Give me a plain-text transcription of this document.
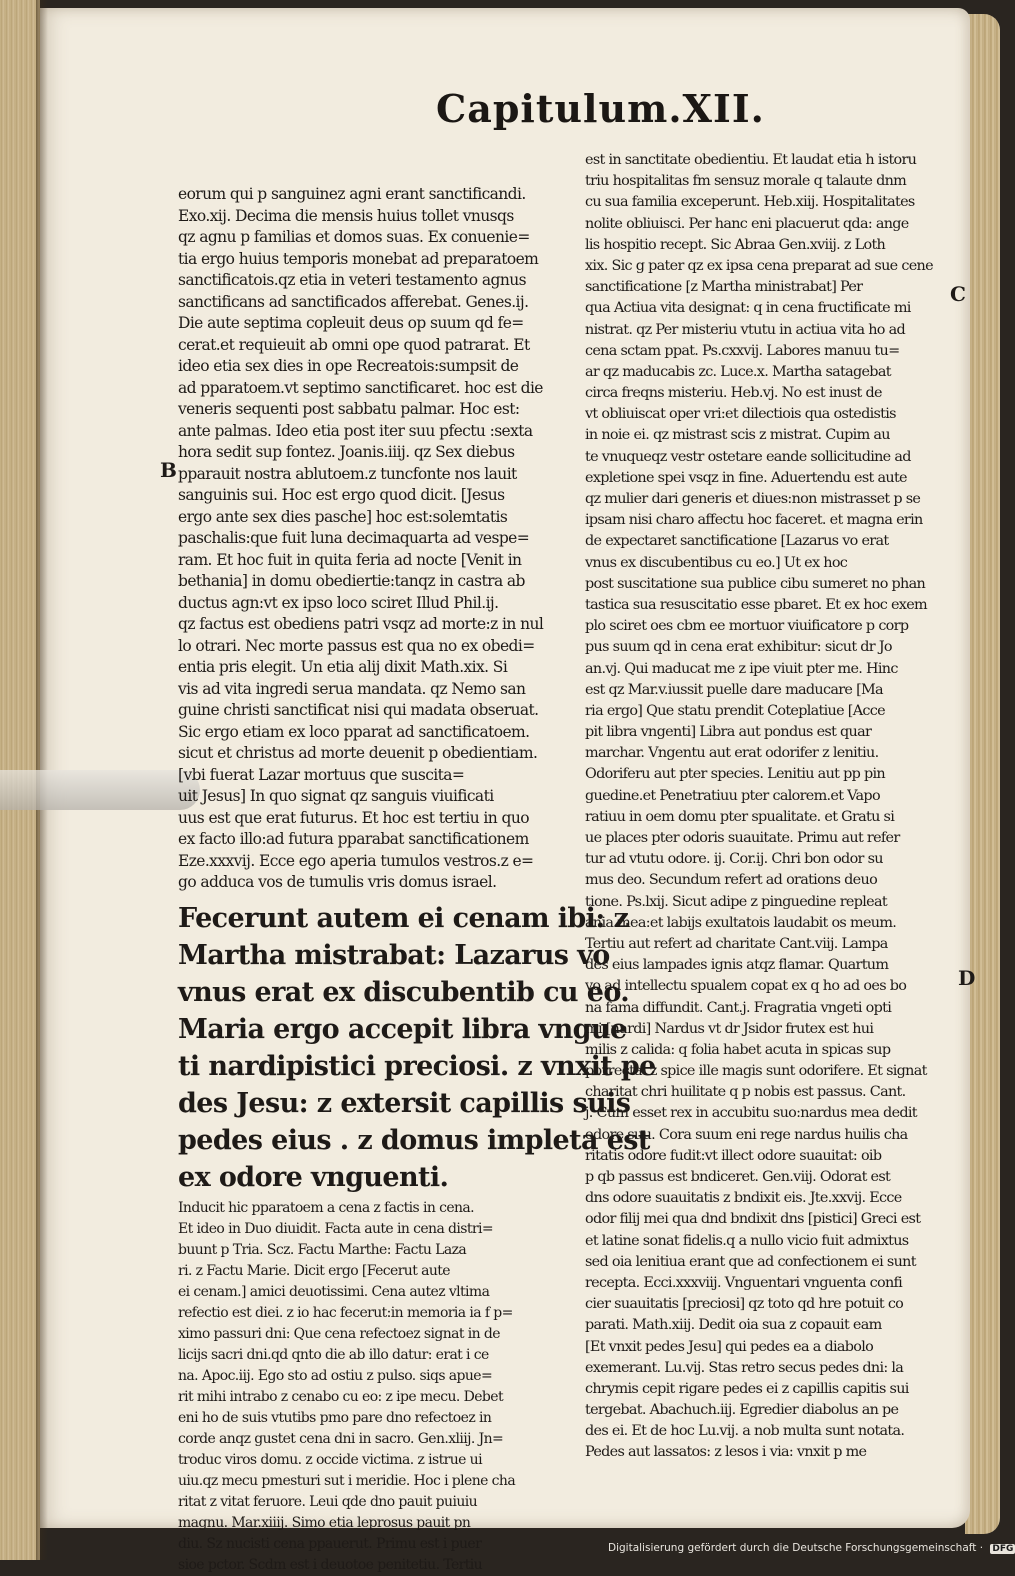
Capitulum.XII.
B
C
D
eorum qui p sanguinez agni erant sanctificandi.
Exo.xij. Decima die mensis huius tollet vnusqs
qz agnu p familias et domos suas. Ex conuenie=
tia ergo huius temporis monebat ad preparatoem
sanctificatois.qz etia in veteri testamento agnus
sanctificans ad sanctificados afferebat. Genes.ij.
Die aute septima copleuit deus op suum qd fe=
cerat.et requieuit ab omni ope quod patrarat. Et
ideo etia sex dies in ope Recreatois:sumpsit de
ad pparatoem.vt septimo sanctificaret. hoc est die
veneris sequenti post sabbatu palmar. Hoc est:
ante palmas. Ideo etia post iter suu pfectu :sexta
hora sedit sup fontez. Joanis.iiij. qz Sex diebus
pparauit nostra ablutoem.z tuncfonte nos lauit
sanguinis sui. Hoc est ergo quod dicit. [Jesus
ergo ante sex dies pasche] hoc est:solemtatis
paschalis:que fuit luna decimaquarta ad vespe=
ram. Et hoc fuit in quita feria ad nocte [Venit in
bethania] in domu obediertie:tanqz in castra ab
ductus agn:vt ex ipso loco sciret Illud Phil.ij.
qz factus est obediens patri vsqz ad morte:z in nul
lo otrari. Nec morte passus est qua no ex obedi=
entia pris elegit. Un etia alij dixit Math.xix. Si
vis ad vita ingredi serua mandata. qz Nemo san
guine christi sanctificat nisi qui madata obseruat.
Sic ergo etiam ex loco pparat ad sanctificatoem.
sicut et christus ad morte deuenit p obedientiam.
[vbi fuerat Lazar mortuus que suscita=
uit Jesus] In quo signat qz sanguis viuificati
uus est que erat futurus. Et hoc est tertiu in quo
ex facto illo:ad futura pparabat sanctificationem
Eze.xxxvij. Ecce ego aperia tumulos vestros.z e=
go adduca vos de tumulis vris domus israel.
Fecerunt autem ei cenam ibi: z
Martha mistrabat: Lazarus vo
vnus erat ex discubentib cu eo.
Maria ergo accepit libra vngue
ti nardipistici preciosi. z vnxit pe
des Jesu: z extersit capillis suis
pedes eius . z domus impleta est
ex odore vnguenti.
Inducit hic pparatoem a cena z factis in cena.
Et ideo in Duo diuidit. Facta aute in cena distri=
buunt p Tria. Scz. Factu Marthe: Factu Laza
ri. z Factu Marie. Dicit ergo [Fecerut aute
ei cenam.] amici deuotissimi. Cena autez vltima
refectio est diei. z io hac fecerut:in memoria ia f p=
ximo passuri dni: Que cena refectoez signat in de
licijs sacri dni.qd qnto die ab illo datur: erat i ce
na. Apoc.iij. Ego sto ad ostiu z pulso. siqs apue=
rit mihi intrabo z cenabo cu eo: z ipe mecu. Debet
eni ho de suis vtutibs pmo pare dno refectoez in
corde anqz gustet cena dni in sacro. Gen.xliij. Jn=
troduc viros domu. z occide victima. z istrue ui
uiu.qz mecu pmesturi sut i meridie. Hoc i plene cha
ritat z vitat feruore. Leui qde dno pauit puiuiu
magnu. Mar.xiiij. Simo etia leprosus pauit pn
diu. Sz nucisti cena ppauerut. Primu est i puer
sioe pctor. Scdm est i deuotoe penitetiu. Tertiu
est in sanctitate obedientiu. Et laudat etia h istoru
triu hospitalitas fm sensuz morale q talaute dnm
cu sua familia exceperunt. Heb.xiij. Hospitalitates
nolite obliuisci. Per hanc eni placuerut qda: ange
lis hospitio recept. Sic Abraa Gen.xviij. z Loth
xix. Sic g pater qz ex ipsa cena preparat ad sue cene
sanctificatione [z Martha ministrabat] Per
qua Actiua vita designat: q in cena fructificate mi
nistrat. qz Per misteriu vtutu in actiua vita ho ad
cena sctam ppat. Ps.cxxvij. Labores manuu tu=
ar qz maducabis zc. Luce.x. Martha satagebat
circa freqns misteriu. Heb.vj. No est inust de
vt obliuiscat oper vri:et dilectiois qua ostedistis
in noie ei. qz mistrast scis z mistrat. Cupim au
te vnuqueqz vestr ostetare eande sollicitudine ad
expletione spei vsqz in fine. Aduertendu est aute
qz mulier dari generis et diues:non mistrasset p se
ipsam nisi charo affectu hoc faceret. et magna erin
de expectaret sanctificatione [Lazarus vo erat
vnus ex discubentibus cu eo.] Ut ex hoc
post suscitatione sua publice cibu sumeret no phan
tastica sua resuscitatio esse pbaret. Et ex hoc exem
plo sciret oes cbm ee mortuor viuificatore p corp
pus suum qd in cena erat exhibitur: sicut dr Jo
an.vj. Qui maducat me z ipe viuit pter me. Hinc
est qz Mar.v.iussit puelle dare maducare [Ma
ria ergo] Que statu prendit Coteplatiue [Acce
pit libra vngenti] Libra aut pondus est quar
marchar. Vngentu aut erat odorifer z lenitiu.
Odoriferu aut pter species. Lenitiu aut pp pin
guedine.et Penetratiuu pter calorem.et Vapo
ratiuu in oem domu pter spualitate. et Gratu si
ue places pter odoris suauitate. Primu aut refer
tur ad vtutu odore. ij. Cor.ij. Chri bon odor su
mus deo. Secundum refert ad orations deuo
tione. Ps.lxij. Sicut adipe z pinguedine repleat
ania mea:et labijs exultatois laudabit os meum.
Tertiu aut refert ad charitate Cant.viij. Lampa
des eius lampades ignis atqz flamar. Quartum
vo ad intellectu spualem copat ex q ho ad oes bo
na fama diffundit. Cant.j. Fragratia vngeti opti
mi [nardi] Nardus vt dr Jsidor frutex est hui
milis z calida: q folia habet acuta in spicas sup
porrecta. z spice ille magis sunt odorifere. Et signat
charitat chri huilitate q p nobis est passus. Cant.
j. Cum esset rex in accubitu suo:nardus mea dedit
odore suu. Cora suum eni rege nardus huilis cha
ritatis odore fudit:vt illect odore suauitat: oib
p qb passus est bndiceret. Gen.viij. Odorat est
dns odore suauitatis z bndixit eis. Jte.xxvij. Ecce
odor filij mei qua dnd bndixit dns [pistici] Greci est
et latine sonat fidelis.q a nullo vicio fuit admixtus
sed oia lenitiua erant que ad confectionem ei sunt
recepta. Ecci.xxxviij. Vnguentari vnguenta confi
cier suauitatis [preciosi] qz toto qd hre potuit co
parati. Math.xiij. Dedit oia sua z copauit eam
[Et vnxit pedes Jesu] qui pedes ea a diabolo
exemerant. Lu.vij. Stas retro secus pedes dni: la
chrymis cepit rigare pedes ei z capillis capitis sui
tergebat. Abachuch.iij. Egredier diabolus an pe
des ei. Et de hoc Lu.vij. a nob multa sunt notata.
Pedes aut lassatos: z lesos i via: vnxit p me
Digitalisierung gefördert durch die Deutsche Forschungsgemeinschaft · DFG
